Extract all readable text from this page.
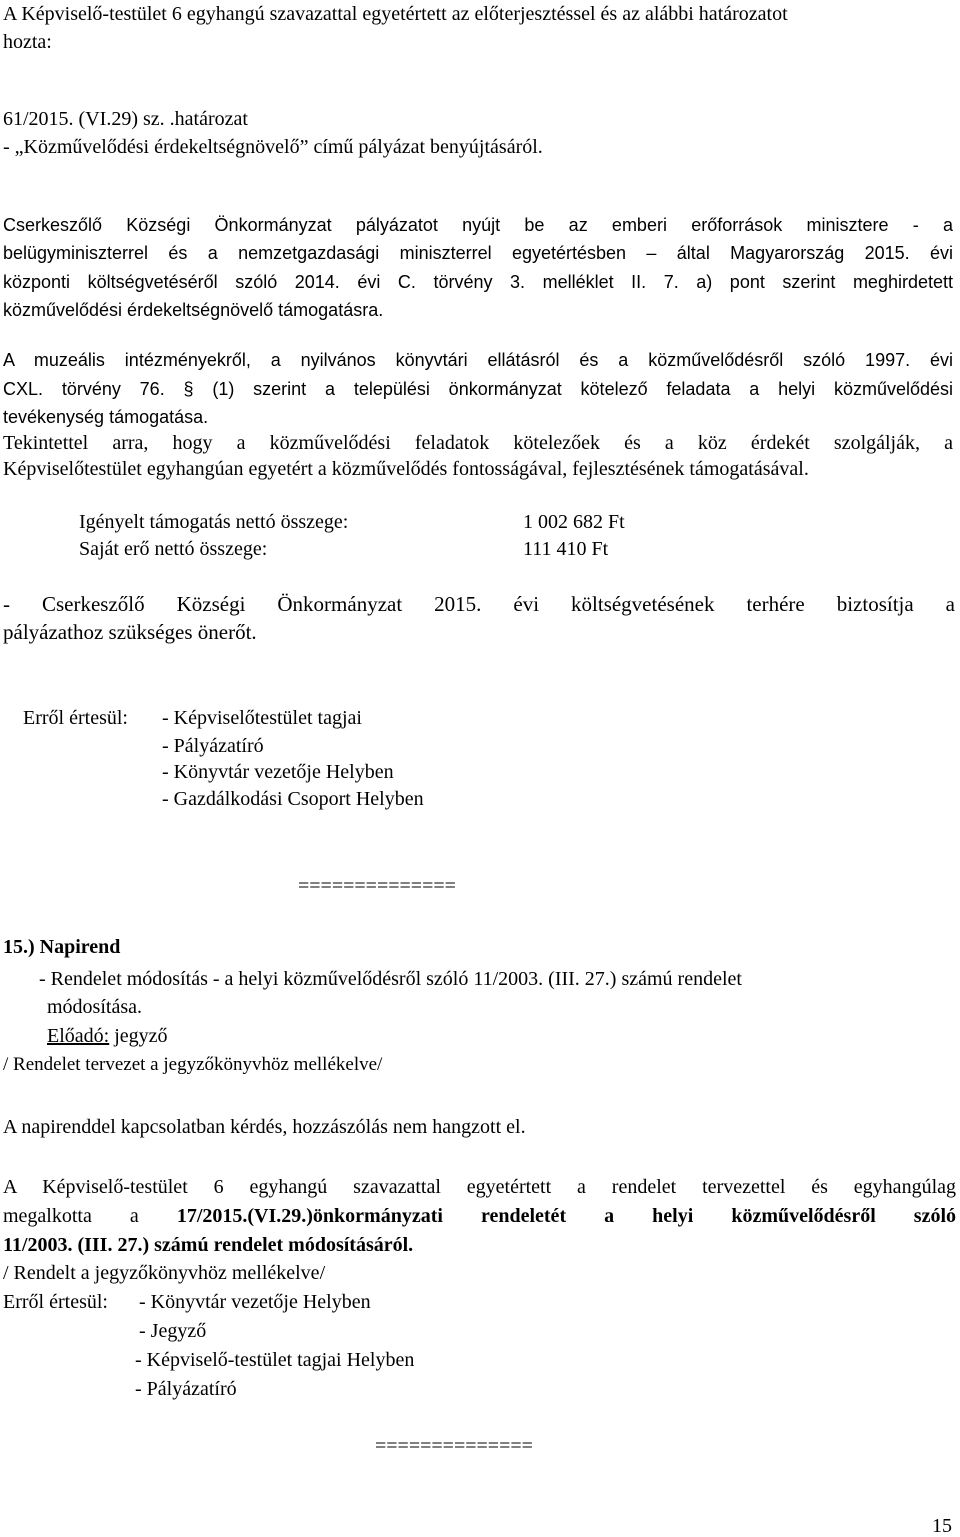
A Képviselő-testület 6 egyhangú szavazattal egyetértett az előterjesztéssel és az alábbi határozatot
hozta:
61/2015. (VI.29) sz. .határozat
- „Közművelődési érdekeltségnövelő” című pályázat benyújtásáról.
Cserkeszőlő Községi Önkormányzat pályázatot nyújt be az emberi erőforrások minisztere - a
belügyminiszterrel és a nemzetgazdasági miniszterrel egyetértésben – által Magyarország 2015. évi
központi költségvetéséről szóló 2014. évi C. törvény 3. melléklet II. 7. a) pont szerint meghirdetett
közművelődési érdekeltségnövelő támogatásra.
A muzeális intézményekről, a nyilvános könyvtári ellátásról és a közművelődésről szóló 1997. évi
CXL. törvény 76. § (1) szerint a települési önkormányzat kötelező feladata a helyi közművelődési
tevékenység támogatása.
Tekintettel arra, hogy a közművelődési feladatok kötelezőek és a köz érdekét szolgálják, a
Képviselőtestület egyhangúan egyetért a közművelődés fontosságával, fejlesztésének támogatásával.
Igényelt támogatás nettó összege:	1 002 682 Ft
Saját erő nettó összege:	111 410 Ft
- Cserkeszőlő Községi Önkormányzat 2015. évi költségvetésének terhére biztosítja a
pályázathoz szükséges önerőt.
Erről értesül: - Képviselőtestület tagjai
- Pályázatíró
- Könyvtár vezetője Helyben
- Gazdálkodási Csoport Helyben
==============
15.) Napirend
- Rendelet módosítás - a helyi közművelődésről szóló 11/2003. (III. 27.) számú rendelet
módosítása.
Előadó: jegyző
/ Rendelet tervezet a jegyzőkönyvhöz mellékelve/
A napirenddel kapcsolatban kérdés, hozzászólás nem hangzott el.
A Képviselő-testület 6 egyhangú szavazattal egyetértett a rendelet tervezettel és egyhangúlag
megalkotta a 17/2015.(VI.29.)önkormányzati rendeletét a helyi közművelődésről szóló
11/2003. (III. 27.) számú rendelet módosításáról.
/ Rendelt a jegyzőkönyvhöz mellékelve/
Erről értesül: - Könyvtár vezetője Helyben
- Jegyző
- Képviselő-testület tagjai Helyben
- Pályázatíró
==============
15
